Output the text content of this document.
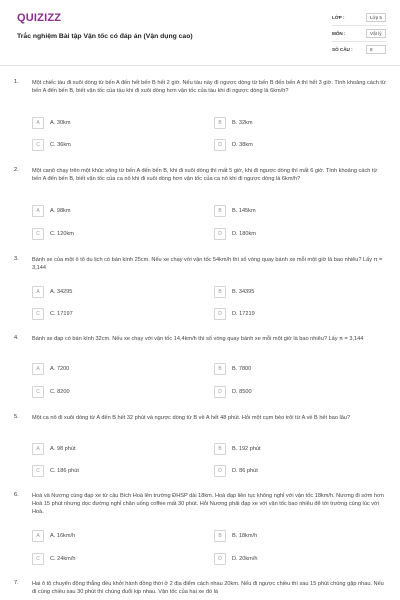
QUIZIZZ
Trắc nghiệm Bài tập Vận tốc có đáp án (Vận dụng cao)
LỚP :	Lớp 5
MÔN :	Vật lý
SỐ CÂU :	8
1. Một chiếc tàu đi xuôi dòng từ bến A đến hết bến B hết 2 giờ. Nếu tàu này đi ngược dòng từ bến B đến bến A thì hết 3 giờ. Tính khoảng cách từ bến A đến bến B, biết vận tốc của tàu khi đi xuôi dòng hơn vận tốc của tàu khi đi ngược dòng là 6km/h?
A	A. 30km	B	B. 32km
C	C. 36km	D	D. 38km
2. Một canô chạy trên một khúc sông từ bến A đến bến B, khi đi xuôi dòng thì mất 5 giờ, khi đi ngược dòng thì mất 6 giờ. Tính khoảng cách từ bến A đến bến B, biết vận tốc của ca nô khi đi xuôi dòng hơn vận tốc của ca nô khi đi ngược dòng là 6km/h?
A	A. 98km	B	B. 145km
C	C. 120km	D	D. 180km
3. Bánh xe của một ô tô du lịch có bán kính 25cm. Nếu xe chạy với vận tốc 54km/h thì số vòng quay bánh xe mỗi một giờ là bao nhiêu? Lấy π = 3,144
A	A. 34295	B	B. 34395
C	C. 17197	D	D. 17219
4. Bánh xe đạp có bán kính 32cm. Nếu xe chạy với vận tốc 14,4km/h thì số vòng quay bánh xe mỗi một giờ là bao nhiêu? Lấy π = 3,144
A	A. 7200	B	B. 7800
C	C. 8200	D	D. 8500
5. Một ca nô đi xuôi dòng từ A đến B hết 32 phút và ngược dòng từ B về A hết 48 phút. Hỏi một cụm bèo trôi từ A về B hết bao lâu?
A	A. 98 phút	B	B. 192 phút
C	C. 186 phút	D	D. 86 phút
6. Hoà và Nương cùng đạp xe từ câu Bích Hoà lên trường ĐHSP dài 18km. Hoà đạp liên tục không nghỉ với vận tốc 18km/h. Nương đi sớm hơn Hoà 15 phút nhưng dọc đường nghỉ chân uống coffee mất 30 phút. Hỏi Nương phải đạp xe với vận tốc bao nhiêu để tới trường cùng lúc với Hoà.
A	A. 16km/h	B	B. 18km/h
C	C. 24km/h	D	D. 20km/h
7. Hai ô tô chuyển động thẳng đều khởi hành đồng thời ở 2 địa điểm cách nhau 20km. Nếu đi ngược chiều thì sau 15 phút chúng gặp nhau. Nếu đi cùng chiều sau 30 phút thì chúng đuổi kịp nhau. Vận tốc của hai xe đó là
